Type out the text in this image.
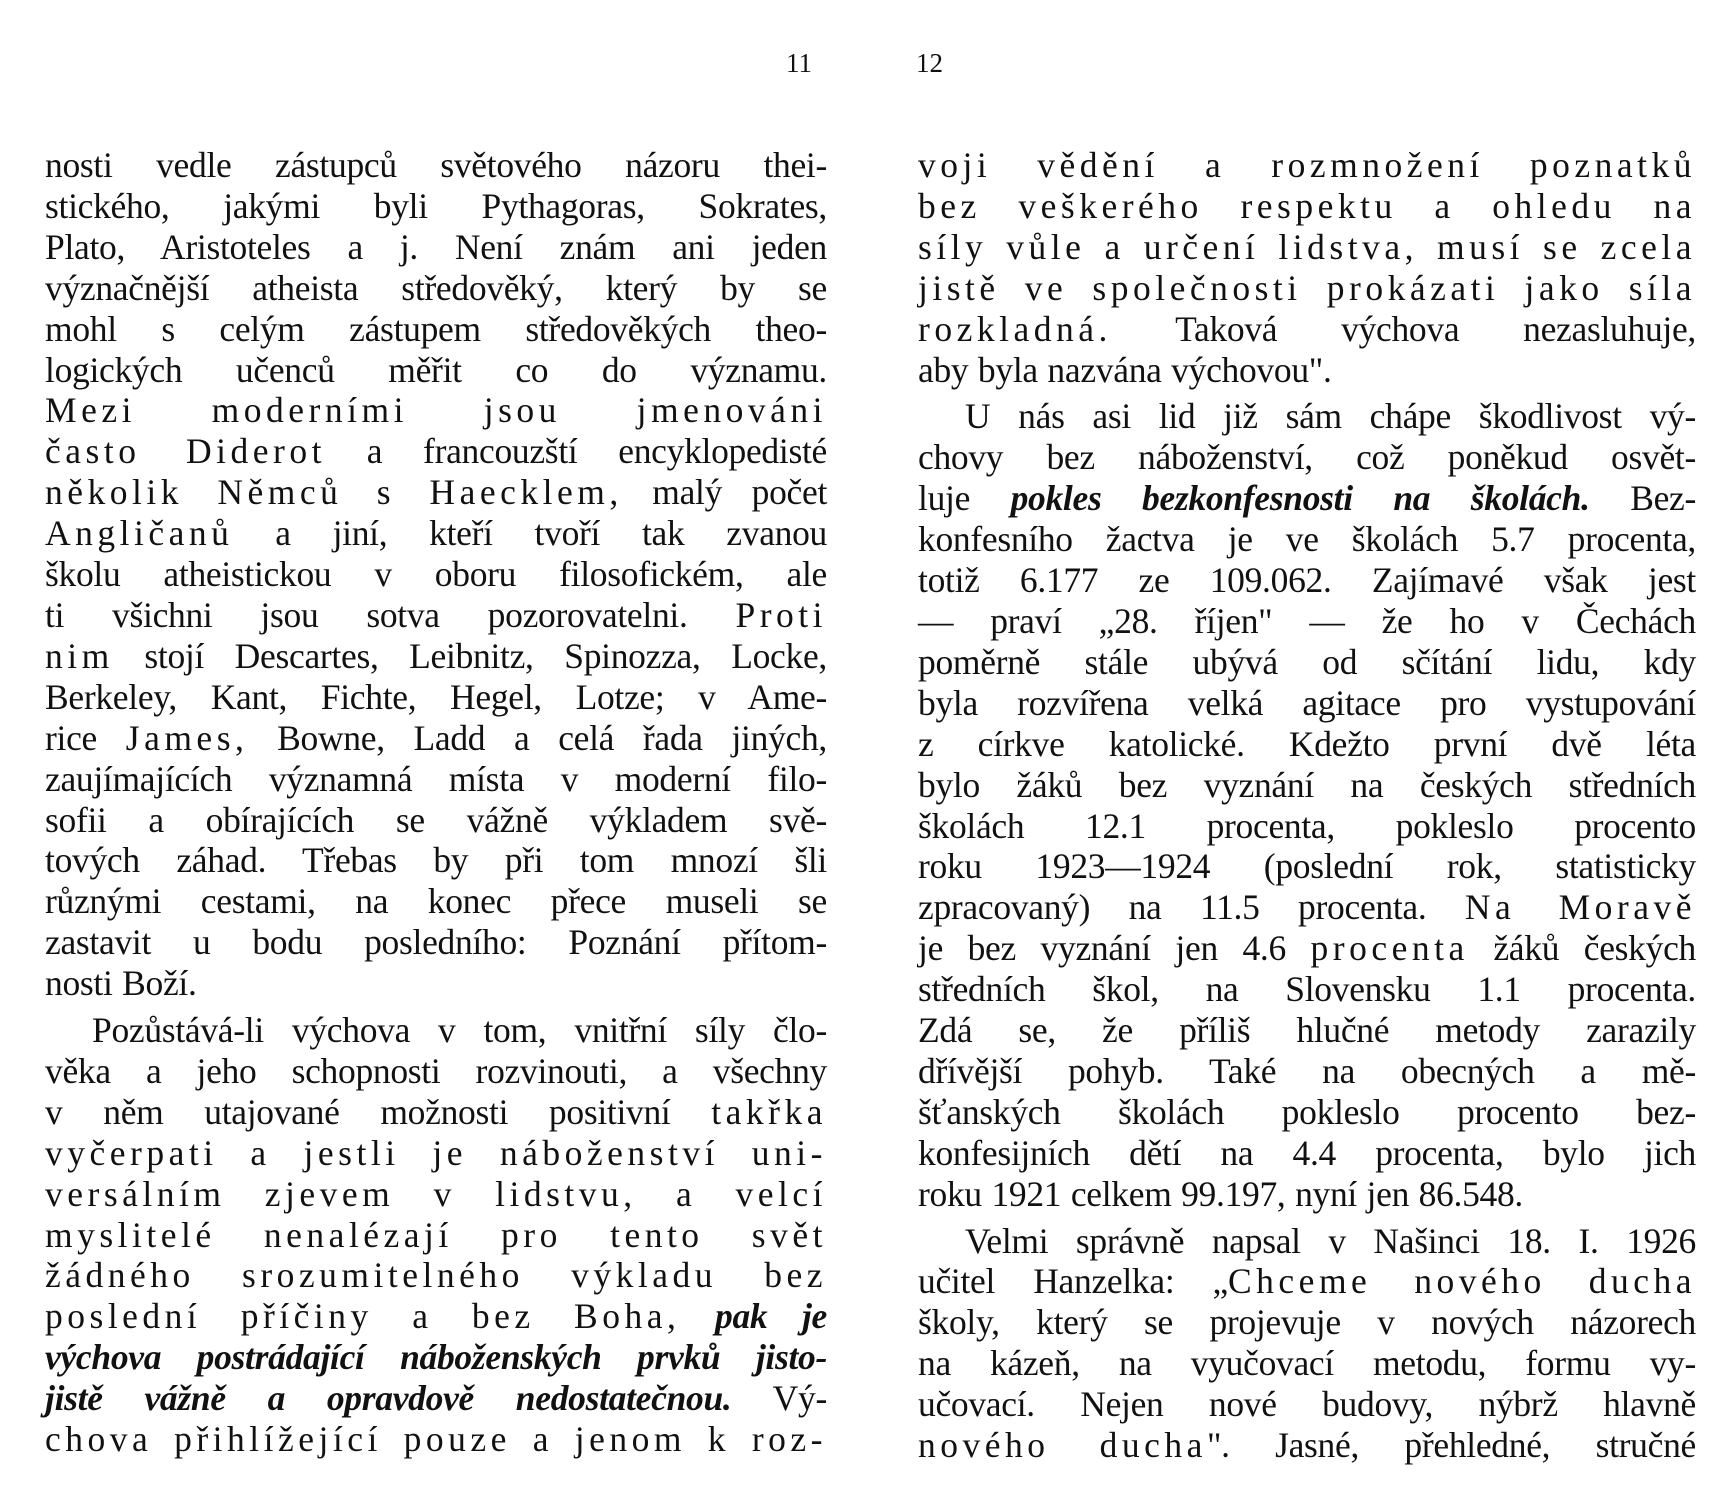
11	12
nosti vedle zástupců světového názoru thei-
stického, jakými byli Pythagoras, Sokrates,
Plato, Aristoteles a j. Není znám ani jeden
význačnější atheista středověký, který by se
mohl s celým zástupem středověkých theo-
logických učenců měřit co do významu.
Mezi moderními jsou jmenováni
často Diderot a francouzští encyklopedisté
několik Němců s Haecklem, malý počet
Angličanů a jiní, kteří tvoří tak zvanou
školu atheistickou v oboru filosofickém, ale
ti všichni jsou sotva pozorovatelni. Proti
nim stojí Descartes, Leibnitz, Spinozza, Locke,
Berkeley, Kant, Fichte, Hegel, Lotze; v Ame-
rice James, Bowne, Ladd a celá řada jiných,
zaujímajících významná místa v moderní filo-
sofii a obírajících se vážně výkladem svě-
tových záhad. Třebas by při tom mnozí šli
různými cestami, na konec přece museli se
zastavit u bodu posledního: Poznání přítom-
nosti Boží.
Pozůstává-li výchova v tom, vnitřní síly člo-
věka a jeho schopnosti rozvinouti, a všechny
v něm utajované možnosti positivní takřka
vyčerpati a jestli je náboženství uni-
versálním zjevem v lidstvu, a velcí
myslitelé nenalézají pro tento svět
žádného srozumitelného výkladu bez
poslední příčiny a bez Boha, pak je
výchova postrádající náboženských prvků jisto-
jistě vážně a opravdově nedostatečnou. Vý-
chova přihlížející pouze a jenom k roz-
voji vědění a rozmnožení poznatků
bez veškerého respektu a ohledu na
síly vůle a určení lidstva, musí se zcela
jistě ve společnosti prokázati jako síla
rozkladná. Taková výchova nezasluhuje,
aby byla nazvána výchovou".
U nás asi lid již sám chápe škodlivost vý-
chovy bez náboženství, což poněkud osvět-
luje pokles bezkonfesnosti na školách. Bez-
konfesního žactva je ve školách 5.7 procenta,
totiž 6.177 ze 109.062. Zajímavé však jest
— praví „28. říjen" — že ho v Čechách
poměrně stále ubývá od sčítání lidu, kdy
byla rozvířena velká agitace pro vystupování
z církve katolické. Kdežto první dvě léta
bylo žáků bez vyznání na českých středních
školách 12.1 procenta, pokleslo procento
roku 1923—1924 (poslední rok, statisticky
zpracovaný) na 11.5 procenta. Na Moravě
je bez vyznání jen 4.6 procenta žáků českých
středních škol, na Slovensku 1.1 procenta.
Zdá se, že příliš hlučné metody zarazily
dřívější pohyb. Také na obecných a mě-
šťanských školách pokleslo procento bez-
konfesijních dětí na 4.4 procenta, bylo jich
roku 1921 celkem 99.197, nyní jen 86.548.
Velmi správně napsal v Našinci 18. I. 1926
učitel Hanzelka: „Chceme nového ducha
školy, který se projevuje v nových názorech
na kázeň, na vyučovací metodu, formu vy-
učovací. Nejen nové budovy, nýbrž hlavně
nového ducha". Jasné, přehledné, stručné
